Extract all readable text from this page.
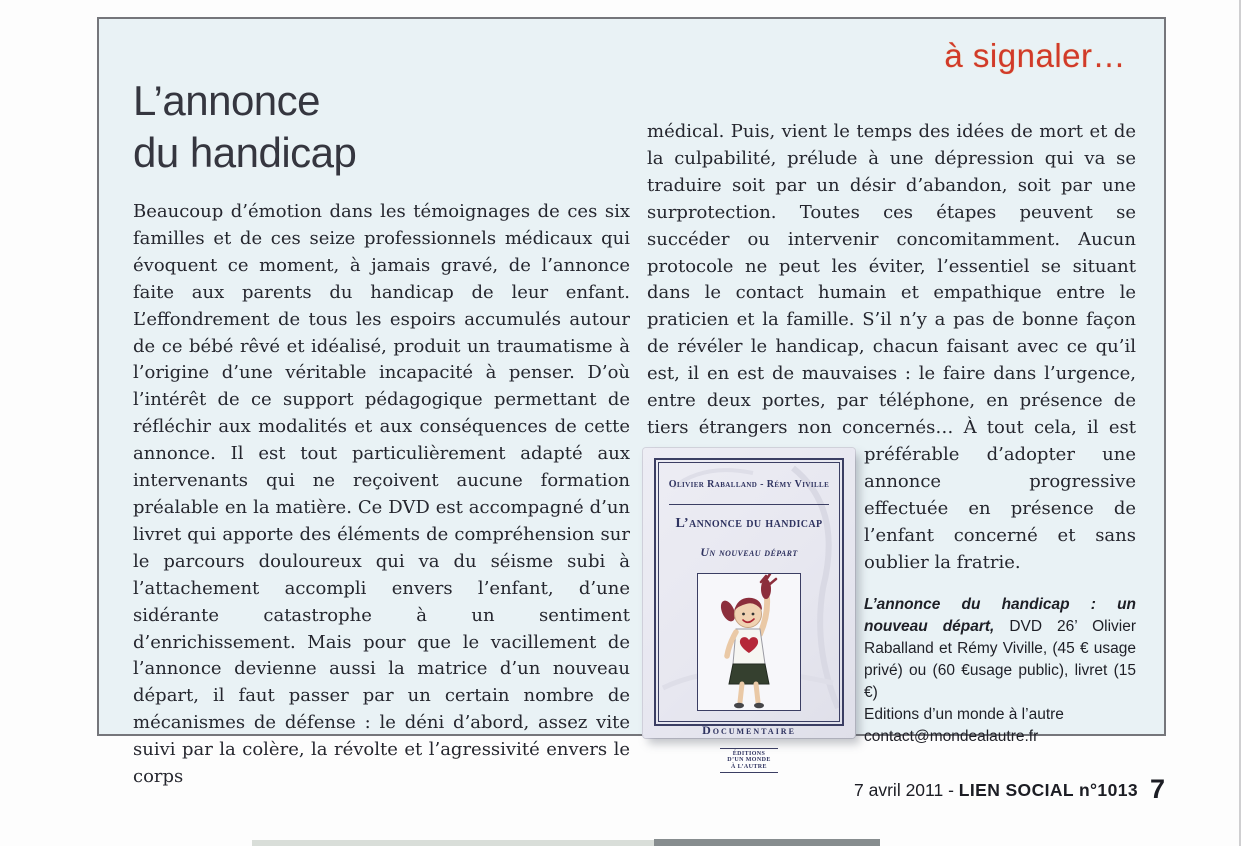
à signaler…
L’annonce
du handicap
Beaucoup d’émotion dans les témoignages de ces six familles et de ces seize professionnels médicaux qui évoquent ce moment, à jamais gravé, de l’annonce faite aux parents du handicap de leur enfant. L’effondrement de tous les espoirs accumulés autour de ce bébé rêvé et idéalisé, produit un traumatisme à l’origine d’une véritable incapacité à penser. D’où l’intérêt de ce support pédagogique permettant de réfléchir aux modalités et aux conséquences de cette annonce. Il est tout particulièrement adapté aux intervenants qui ne reçoivent aucune formation préalable en la matière. Ce DVD est accompagné d’un livret qui apporte des éléments de compréhension sur le parcours douloureux qui va du séisme subi à l’attachement accompli envers l’enfant, d’une sidérante catastrophe à un sentiment d’enrichissement. Mais pour que le vacillement de l’annonce devienne aussi la matrice d’un nouveau départ, il faut passer par un certain nombre de mécanismes de défense : le déni d’abord, assez vite suivi par la colère, la révolte et l’agressivité envers le corps
médical. Puis, vient le temps des idées de mort et de la culpabilité, prélude à une dépression qui va se traduire soit par un désir d’abandon, soit par une surprotection. Toutes ces étapes peuvent se succéder ou intervenir concomitamment. Aucun protocole ne peut les éviter, l’essentiel se situant dans le contact humain et empathique entre le praticien et la famille. S’il n’y a pas de bonne façon de révéler le handicap, chacun faisant avec ce qu’il est, il en est de mauvaises : le faire dans l’urgence, entre deux portes, par téléphone, en présence de tiers étrangers non concernés… À tout
Olivier Raballand - Rémy Viville
L’annonce du handicap
Un nouveau départ
Documentaire
ÉDITIONS
D’UN MONDE
À L’AUTRE
cela, il est préférable d’adopter une annonce progressive effectuée en présence de l’enfant concerné et sans oublier la fratrie.
L’annonce du handicap : un nouveau départ, DVD 26’ Olivier Raballand et Rémy Viville, (45 € usage privé) ou (60 €usage public), livret (15 €)
Editions d’un monde à l’autre
contact@mondealautre.fr
7 avril 2011 - LIEN SOCIAL n°1013 7
